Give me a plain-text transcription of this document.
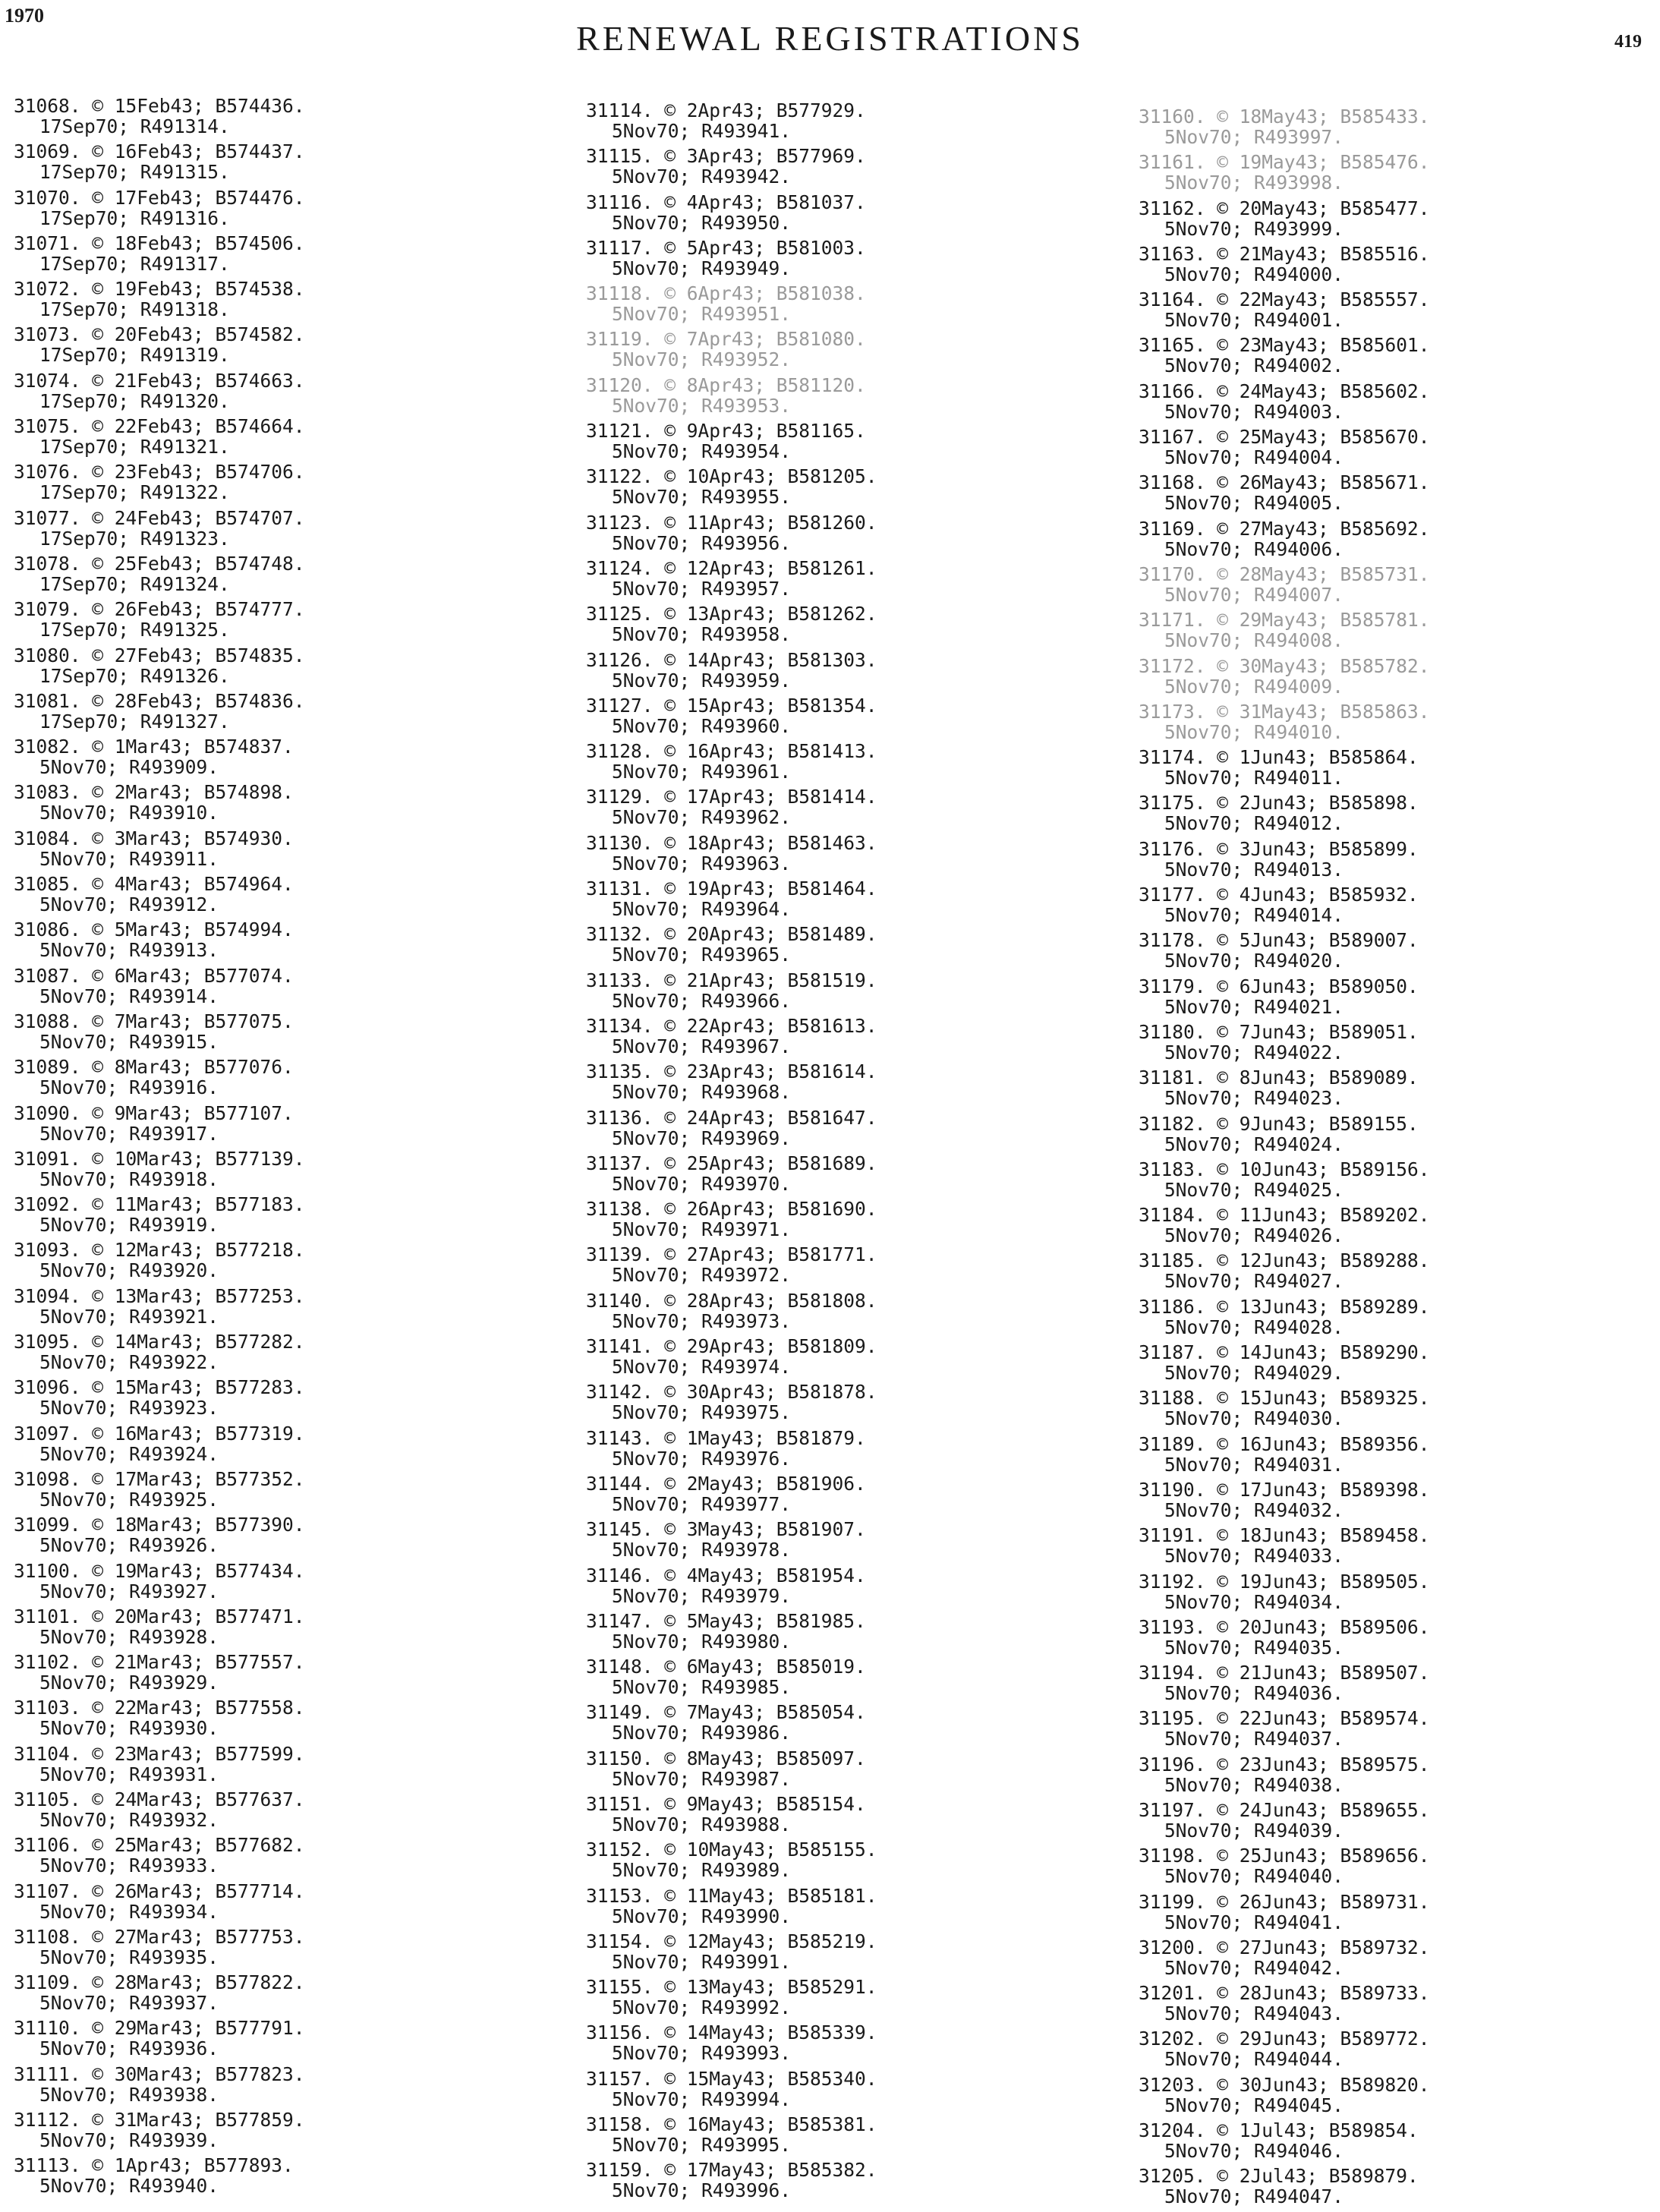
1970
RENEWAL REGISTRATIONS	419
31068. © 15Feb43; B574436.
17Sep70; R491314.
31069. © 16Feb43; B574437.
17Sep70; R491315.
31070. © 17Feb43; B574476.
17Sep70; R491316.
31071. © 18Feb43; B574506.
17Sep70; R491317.
31072. © 19Feb43; B574538.
17Sep70; R491318.
31073. © 20Feb43; B574582.
17Sep70; R491319.
31074. © 21Feb43; B574663.
17Sep70; R491320.
31075. © 22Feb43; B574664.
17Sep70; R491321.
31076. © 23Feb43; B574706.
17Sep70; R491322.
31077. © 24Feb43; B574707.
17Sep70; R491323.
31078. © 25Feb43; B574748.
17Sep70; R491324.
31079. © 26Feb43; B574777.
17Sep70; R491325.
31080. © 27Feb43; B574835.
17Sep70; R491326.
31081. © 28Feb43; B574836.
17Sep70; R491327.
31082. © 1Mar43; B574837.
5Nov70; R493909.
31083. © 2Mar43; B574898.
5Nov70; R493910.
31084. © 3Mar43; B574930.
5Nov70; R493911.
31085. © 4Mar43; B574964.
5Nov70; R493912.
31086. © 5Mar43; B574994.
5Nov70; R493913.
31087. © 6Mar43; B577074.
5Nov70; R493914.
31088. © 7Mar43; B577075.
5Nov70; R493915.
31089. © 8Mar43; B577076.
5Nov70; R493916.
31090. © 9Mar43; B577107.
5Nov70; R493917.
31091. © 10Mar43; B577139.
5Nov70; R493918.
31092. © 11Mar43; B577183.
5Nov70; R493919.
31093. © 12Mar43; B577218.
5Nov70; R493920.
31094. © 13Mar43; B577253.
5Nov70; R493921.
31095. © 14Mar43; B577282.
5Nov70; R493922.
31096. © 15Mar43; B577283.
5Nov70; R493923.
31097. © 16Mar43; B577319.
5Nov70; R493924.
31098. © 17Mar43; B577352.
5Nov70; R493925.
31099. © 18Mar43; B577390.
5Nov70; R493926.
31100. © 19Mar43; B577434.
5Nov70; R493927.
31101. © 20Mar43; B577471.
5Nov70; R493928.
31102. © 21Mar43; B577557.
5Nov70; R493929.
31103. © 22Mar43; B577558.
5Nov70; R493930.
31104. © 23Mar43; B577599.
5Nov70; R493931.
31105. © 24Mar43; B577637.
5Nov70; R493932.
31106. © 25Mar43; B577682.
5Nov70; R493933.
31107. © 26Mar43; B577714.
5Nov70; R493934.
31108. © 27Mar43; B577753.
5Nov70; R493935.
31109. © 28Mar43; B577822.
5Nov70; R493937.
31110. © 29Mar43; B577791.
5Nov70; R493936.
31111. © 30Mar43; B577823.
5Nov70; R493938.
31112. © 31Mar43; B577859.
5Nov70; R493939.
31113. © 1Apr43; B577893.
5Nov70; R493940.
31114. © 2Apr43; B577929.
5Nov70; R493941.
31115. © 3Apr43; B577969.
5Nov70; R493942.
31116. © 4Apr43; B581037.
5Nov70; R493950.
31117. © 5Apr43; B581003.
5Nov70; R493949.
31118. © 6Apr43; B581038.
5Nov70; R493951.
31119. © 7Apr43; B581080.
5Nov70; R493952.
31120. © 8Apr43; B581120.
5Nov70; R493953.
31121. © 9Apr43; B581165.
5Nov70; R493954.
31122. © 10Apr43; B581205.
5Nov70; R493955.
31123. © 11Apr43; B581260.
5Nov70; R493956.
31124. © 12Apr43; B581261.
5Nov70; R493957.
31125. © 13Apr43; B581262.
5Nov70; R493958.
31126. © 14Apr43; B581303.
5Nov70; R493959.
31127. © 15Apr43; B581354.
5Nov70; R493960.
31128. © 16Apr43; B581413.
5Nov70; R493961.
31129. © 17Apr43; B581414.
5Nov70; R493962.
31130. © 18Apr43; B581463.
5Nov70; R493963.
31131. © 19Apr43; B581464.
5Nov70; R493964.
31132. © 20Apr43; B581489.
5Nov70; R493965.
31133. © 21Apr43; B581519.
5Nov70; R493966.
31134. © 22Apr43; B581613.
5Nov70; R493967.
31135. © 23Apr43; B581614.
5Nov70; R493968.
31136. © 24Apr43; B581647.
5Nov70; R493969.
31137. © 25Apr43; B581689.
5Nov70; R493970.
31138. © 26Apr43; B581690.
5Nov70; R493971.
31139. © 27Apr43; B581771.
5Nov70; R493972.
31140. © 28Apr43; B581808.
5Nov70; R493973.
31141. © 29Apr43; B581809.
5Nov70; R493974.
31142. © 30Apr43; B581878.
5Nov70; R493975.
31143. © 1May43; B581879.
5Nov70; R493976.
31144. © 2May43; B581906.
5Nov70; R493977.
31145. © 3May43; B581907.
5Nov70; R493978.
31146. © 4May43; B581954.
5Nov70; R493979.
31147. © 5May43; B581985.
5Nov70; R493980.
31148. © 6May43; B585019.
5Nov70; R493985.
31149. © 7May43; B585054.
5Nov70; R493986.
31150. © 8May43; B585097.
5Nov70; R493987.
31151. © 9May43; B585154.
5Nov70; R493988.
31152. © 10May43; B585155.
5Nov70; R493989.
31153. © 11May43; B585181.
5Nov70; R493990.
31154. © 12May43; B585219.
5Nov70; R493991.
31155. © 13May43; B585291.
5Nov70; R493992.
31156. © 14May43; B585339.
5Nov70; R493993.
31157. © 15May43; B585340.
5Nov70; R493994.
31158. © 16May43; B585381.
5Nov70; R493995.
31159. © 17May43; B585382.
5Nov70; R493996.
31160. © 18May43; B585433.
5Nov70; R493997.
31161. © 19May43; B585476.
5Nov70; R493998.
31162. © 20May43; B585477.
5Nov70; R493999.
31163. © 21May43; B585516.
5Nov70; R494000.
31164. © 22May43; B585557.
5Nov70; R494001.
31165. © 23May43; B585601.
5Nov70; R494002.
31166. © 24May43; B585602.
5Nov70; R494003.
31167. © 25May43; B585670.
5Nov70; R494004.
31168. © 26May43; B585671.
5Nov70; R494005.
31169. © 27May43; B585692.
5Nov70; R494006.
31170. © 28May43; B585731.
5Nov70; R494007.
31171. © 29May43; B585781.
5Nov70; R494008.
31172. © 30May43; B585782.
5Nov70; R494009.
31173. © 31May43; B585863.
5Nov70; R494010.
31174. © 1Jun43; B585864.
5Nov70; R494011.
31175. © 2Jun43; B585898.
5Nov70; R494012.
31176. © 3Jun43; B585899.
5Nov70; R494013.
31177. © 4Jun43; B585932.
5Nov70; R494014.
31178. © 5Jun43; B589007.
5Nov70; R494020.
31179. © 6Jun43; B589050.
5Nov70; R494021.
31180. © 7Jun43; B589051.
5Nov70; R494022.
31181. © 8Jun43; B589089.
5Nov70; R494023.
31182. © 9Jun43; B589155.
5Nov70; R494024.
31183. © 10Jun43; B589156.
5Nov70; R494025.
31184. © 11Jun43; B589202.
5Nov70; R494026.
31185. © 12Jun43; B589288.
5Nov70; R494027.
31186. © 13Jun43; B589289.
5Nov70; R494028.
31187. © 14Jun43; B589290.
5Nov70; R494029.
31188. © 15Jun43; B589325.
5Nov70; R494030.
31189. © 16Jun43; B589356.
5Nov70; R494031.
31190. © 17Jun43; B589398.
5Nov70; R494032.
31191. © 18Jun43; B589458.
5Nov70; R494033.
31192. © 19Jun43; B589505.
5Nov70; R494034.
31193. © 20Jun43; B589506.
5Nov70; R494035.
31194. © 21Jun43; B589507.
5Nov70; R494036.
31195. © 22Jun43; B589574.
5Nov70; R494037.
31196. © 23Jun43; B589575.
5Nov70; R494038.
31197. © 24Jun43; B589655.
5Nov70; R494039.
31198. © 25Jun43; B589656.
5Nov70; R494040.
31199. © 26Jun43; B589731.
5Nov70; R494041.
31200. © 27Jun43; B589732.
5Nov70; R494042.
31201. © 28Jun43; B589733.
5Nov70; R494043.
31202. © 29Jun43; B589772.
5Nov70; R494044.
31203. © 30Jun43; B589820.
5Nov70; R494045.
31204. © 1Jul43; B589854.
5Nov70; R494046.
31205. © 2Jul43; B589879.
5Nov70; R494047.
